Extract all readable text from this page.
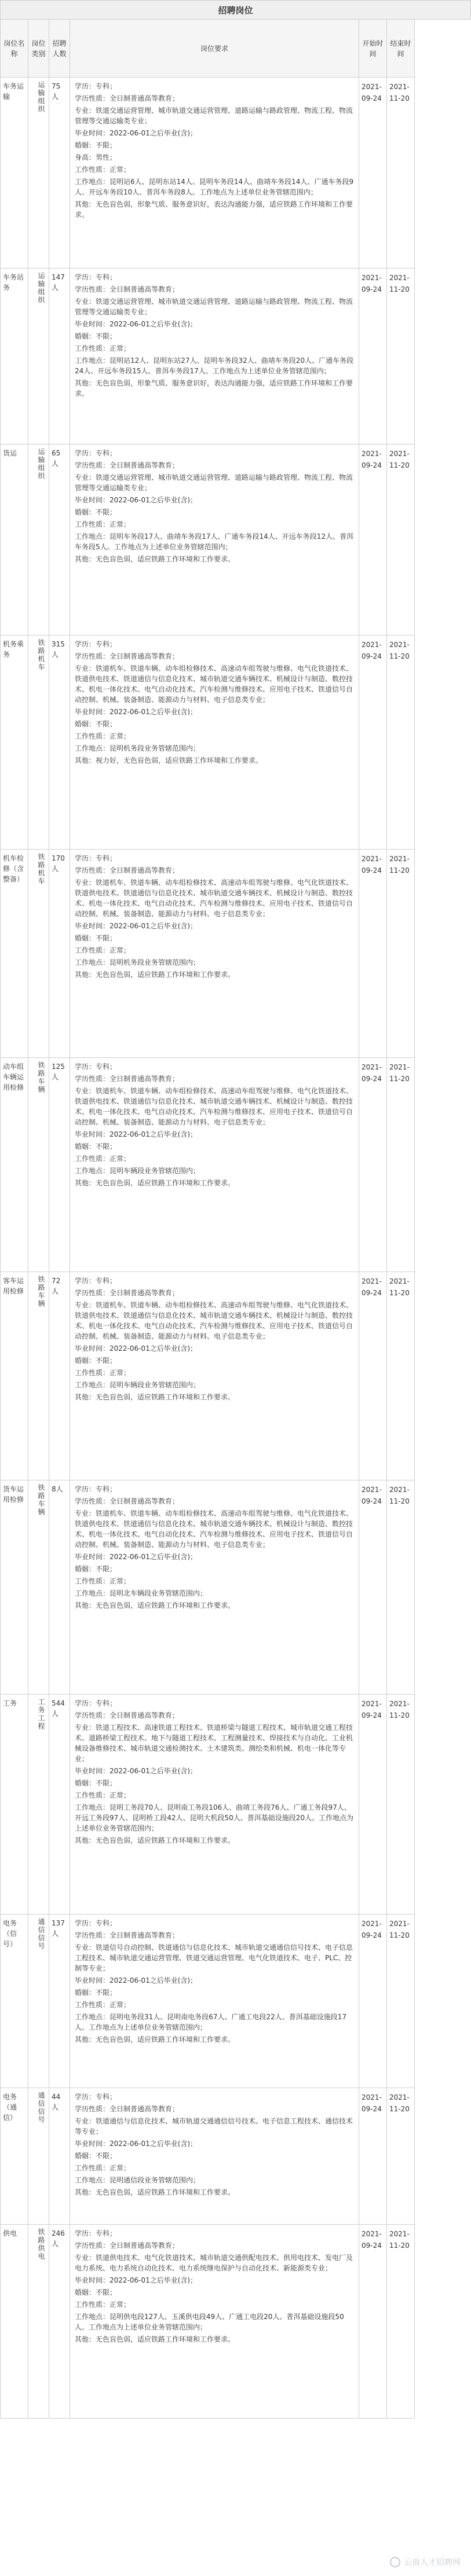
招聘岗位
岗位名称
岗位类别
招聘人数
岗位要求
开始时间
结束时间
车务运输	运输组织 75人
学历：专科；
学历性质：全日制普通高等教育；
专业：铁道交通运营管理、城市轨道交通运营管理、道路运输与路政管理、物流工程、物流管理等交通运输类专业；
毕业时间：2022-06-01之后毕业(含)；
婚姻：不限；
身高：男性；
工作性质：正常；
工作地点：昆明站6人、昆明东站14人、昆明车务段14人、曲靖车务段14人、广通车务段9人、开远车务段10人、普洱车务段8人。工作地点为上述单位业务管辖范围内；
其他：无色盲色弱，形象气质、服务意识好，表达沟通能力强，适应铁路工作环境和工作要求。
2021-09-24
2021-11-20
车务站务	运输组织 147人
学历：专科；
学历性质：全日制普通高等教育；
专业：铁道交通运营管理、城市轨道交通运营管理、道路运输与路政管理、物流工程、物流管理等交通运输类专业；
毕业时间：2022-06-01之后毕业(含)；
婚姻：不限；
工作性质：正常；
工作地点：昆明站12人、昆明东站27人、昆明车务段32人、曲靖车务段20人、广通车务段24人、开远车务段15人、普洱车务段17人。工作地点为上述单位业务管辖范围内；
其他：无色盲色弱，形象气质、服务意识好，表达沟通能力强，适应铁路工作环境和工作要求。
2021-09-24
2021-11-20
货运	运输组织 65人
学历：专科；
学历性质：全日制普通高等教育；
专业：铁道交通运营管理、城市轨道交通运营管理、道路运输与路政管理、物流工程、物流管理等交通运输类专业；
毕业时间：2022-06-01之后毕业(含)；
婚姻：不限；
工作性质：正常；
工作地点：昆明车务段17人、曲靖车务段17人、广通车务段14人、开远车务段12人、普洱车务段5人。工作地点为上述单位业务管辖范围内；
其他：无色盲色弱，适应铁路工作环境和工作要求。
2021-09-24
2021-11-20
机务乘务	铁路机车 315人
学历：专科；
学历性质：全日制普通高等教育；
专业：铁道机车、铁道车辆、动车组检修技术、高速动车组驾驶与维修、电气化铁道技术、铁道供电技术、铁道通信与信息化技术、城市轨道交通车辆技术、机械设计与制造、数控技术、机电一体化技术、电气自动化技术、汽车检测与维修技术、应用电子技术、铁道信号自动控制、机械、装备制造、能源动力与材料、电子信息类专业；
毕业时间：2022-06-01之后毕业(含)；
婚姻：不限；
工作性质：正常；
工作地点：昆明机务段业务管辖范围内；
其他：视力好，无色盲色弱，适应铁路工作环境和工作要求。
2021-09-24
2021-11-20
机车检修（含整备）	铁路机车 170人
学历：专科；
学历性质：全日制普通高等教育；
专业：铁道机车、铁道车辆、动车组检修技术、高速动车组驾驶与维修、电气化铁道技术、铁道供电技术、铁道通信与信息化技术、城市轨道交通车辆技术、机械设计与制造、数控技术、机电一体化技术、电气自动化技术、汽车检测与维修技术、应用电子技术、铁道信号自动控制、机械、装备制造、能源动力与材料、电子信息类专业；
毕业时间：2022-06-01之后毕业(含)；
婚姻：不限；
工作性质：正常；
工作地点：昆明机务段业务管辖范围内；
其他：无色盲色弱，适应铁路工作环境和工作要求。
2021-09-24
2021-11-20
动车组车辆运用检修	铁路车辆 125人
学历：专科；
学历性质：全日制普通高等教育；
专业：铁道机车、铁道车辆、动车组检修技术、高速动车组驾驶与维修、电气化铁道技术、铁道供电技术、铁道通信与信息化技术、城市轨道交通车辆技术、机械设计与制造、数控技术、机电一体化技术、电气自动化技术、汽车检测与维修技术、应用电子技术、铁道信号自动控制、机械、装备制造、能源动力与材料、电子信息类专业；
毕业时间：2022-06-01之后毕业(含)；
婚姻：不限；
工作性质：正常；
工作地点：昆明车辆段业务管辖范围内；
其他：无色盲色弱，适应铁路工作环境和工作要求。
2021-09-24
2021-11-20
客车运用检修	铁路车辆 72人
学历：专科；
学历性质：全日制普通高等教育；
专业：铁道机车、铁道车辆、动车组检修技术、高速动车组驾驶与维修、电气化铁道技术、铁道供电技术、铁道通信与信息化技术、城市轨道交通车辆技术、机械设计与制造、数控技术、机电一体化技术、电气自动化技术、汽车检测与维修技术、应用电子技术、铁道信号自动控制、机械、装备制造、能源动力与材料、电子信息类专业；
毕业时间：2022-06-01之后毕业(含)；
婚姻：不限；
工作性质：正常；
工作地点：昆明车辆段业务管辖范围内；
其他：无色盲色弱，适应铁路工作环境和工作要求。
2021-09-24
2021-11-20
货车运用检修	铁路车辆 8人	学历：专科；
学历性质：全日制普通高等教育；
专业：铁道机车、铁道车辆、动车组检修技术、高速动车组驾驶与维修、电气化铁道技术、铁道供电技术、铁道通信与信息化技术、城市轨道交通车辆技术、机械设计与制造、数控技术、机电一体化技术、电气自动化技术、汽车检测与维修技术、应用电子技术、铁道信号自动控制、机械、装备制造、能源动力与材料、电子信息类专业；
毕业时间：2022-06-01之后毕业(含)；
婚姻：不限；
工作性质：正常；
工作地点：昆明北车辆段业务管辖范围内；
其他：无色盲色弱，适应铁路工作环境和工作要求。
2021-09-24
2021-11-20
工务	工务工程 544人
学历：专科；
学历性质：全日制普通高等教育；
专业：铁道工程技术、高速铁道工程技术、铁道桥梁与隧道工程技术、城市轨道交通工程技术、道路桥梁工程技术、地下与隧道工程技术、工程测量技术、焊接技术与自动化、工业机械设备维修技术、城市轨道交通检测技术、土木建筑类、测绘类和机械、机电一体化等专业；
毕业时间：2022-06-01之后毕业(含)；
婚姻：不限；
工作性质：正常；
工作地点：昆明工务段70人、昆明南工务段106人、曲靖工务段76人、广通工务段97人、开远工务段97人、昆明桥工段42人、昆明大机段50人、普洱基础设施段20人。工作地点为上述单位业务管辖范围内；
其他：无色盲色弱，适应铁路工作环境和工作要求。
2021-09-24
2021-11-20
电务（信号）	通信信号 137人
学历：专科；
学历性质：全日制普通高等教育；
专业：铁道信号自动控制、铁道通信与信息化技术、城市轨道交通通信信号技术、电子信息工程技术、城市轨道交通运营管理、铁道交通运营管理、电气化铁道技术、电子、PLC、控制等专业；
毕业时间：2022-06-01之后毕业(含)；
婚姻：不限；
工作性质：正常；
工作地点：昆明电务段31人、昆明南电务段67人、广通工电段22人、普洱基础设施段17人。工作地点为上述单位业务管辖范围内；
其他：无色盲色弱，适应铁路工作环境和工作要求。
2021-09-24
2021-11-20
电务（通信）	通信信号 44人
学历：专科；
学历性质：全日制普通高等教育；
专业：铁道通信与信息化技术、城市轨道交通通信信号技术、电子信息工程技术、通信技术等专业；
毕业时间：2022-06-01之后毕业(含)；
婚姻：不限；
工作性质：正常；
工作地点：昆明通信段业务管辖范围内；
其他：无色盲色弱，适应铁路工作环境和工作要求。
2021-09-24
2021-11-20
供电	铁路供电 246人
学历：专科；
学历性质：全日制普通高等教育；
专业：铁道供电技术、电气化铁道技术、城市轨道交通供配电技术、供用电技术、发电厂及电力系统、电力系统自动化技术、电力系统继电保护与自动化技术、新能源类专业；
毕业时间：2022-06-01之后毕业(含)；
婚姻：不限；
工作性质：正常；
工作地点：昆明供电段127人、玉溪供电段49人、广通工电段20人、普洱基础设施段50人。工作地点为上述单位业务管辖范围内；
其他：无色盲色弱，适应铁路工作环境和工作要求。
2021-09-24
2021-11-20
云南人才招聘网
